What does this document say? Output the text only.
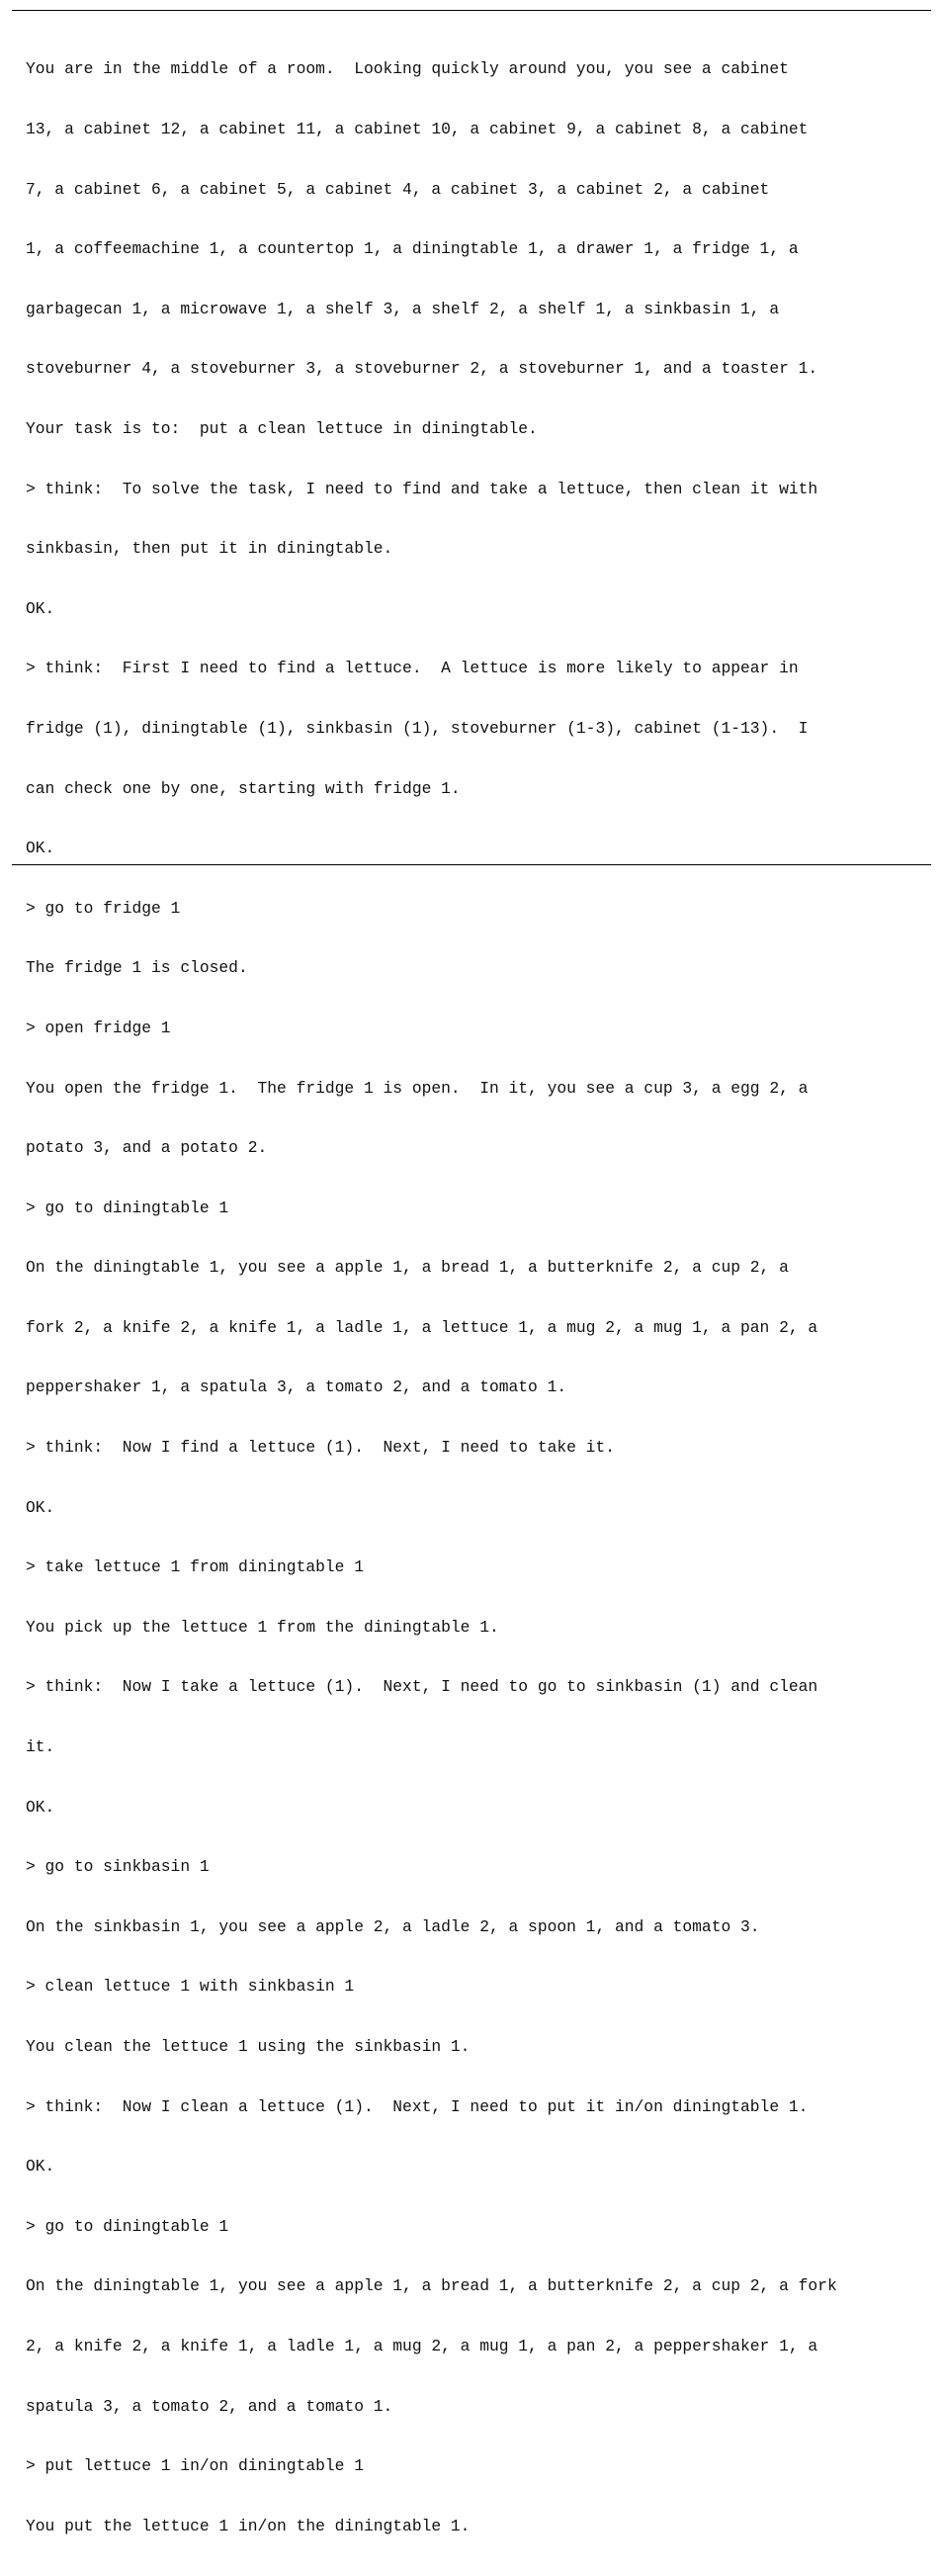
You are in the middle of a room.  Looking quickly around you, you see a cabinet

13, a cabinet 12, a cabinet 11, a cabinet 10, a cabinet 9, a cabinet 8, a cabinet

7, a cabinet 6, a cabinet 5, a cabinet 4, a cabinet 3, a cabinet 2, a cabinet

1, a coffeemachine 1, a countertop 1, a diningtable 1, a drawer 1, a fridge 1, a

garbagecan 1, a microwave 1, a shelf 3, a shelf 2, a shelf 1, a sinkbasin 1, a

stoveburner 4, a stoveburner 3, a stoveburner 2, a stoveburner 1, and a toaster 1.

Your task is to:  put a clean lettuce in diningtable.

> think:  To solve the task, I need to find and take a lettuce, then clean it with

sinkbasin, then put it in diningtable.

OK.

> think:  First I need to find a lettuce.  A lettuce is more likely to appear in

fridge (1), diningtable (1), sinkbasin (1), stoveburner (1-3), cabinet (1-13).  I

can check one by one, starting with fridge 1.

OK.

> go to fridge 1

The fridge 1 is closed.

> open fridge 1

You open the fridge 1.  The fridge 1 is open.  In it, you see a cup 3, a egg 2, a

potato 3, and a potato 2.

> go to diningtable 1

On the diningtable 1, you see a apple 1, a bread 1, a butterknife 2, a cup 2, a

fork 2, a knife 2, a knife 1, a ladle 1, a lettuce 1, a mug 2, a mug 1, a pan 2, a

peppershaker 1, a spatula 3, a tomato 2, and a tomato 1.

> think:  Now I find a lettuce (1).  Next, I need to take it.

OK.

> take lettuce 1 from diningtable 1

You pick up the lettuce 1 from the diningtable 1.

> think:  Now I take a lettuce (1).  Next, I need to go to sinkbasin (1) and clean

it.

OK.

> go to sinkbasin 1

On the sinkbasin 1, you see a apple 2, a ladle 2, a spoon 1, and a tomato 3.

> clean lettuce 1 with sinkbasin 1

You clean the lettuce 1 using the sinkbasin 1.

> think:  Now I clean a lettuce (1).  Next, I need to put it in/on diningtable 1.

OK.

> go to diningtable 1

On the diningtable 1, you see a apple 1, a bread 1, a butterknife 2, a cup 2, a fork

2, a knife 2, a knife 1, a ladle 1, a mug 2, a mug 1, a pan 2, a peppershaker 1, a

spatula 3, a tomato 2, and a tomato 1.

> put lettuce 1 in/on diningtable 1

You put the lettuce 1 in/on the diningtable 1.
